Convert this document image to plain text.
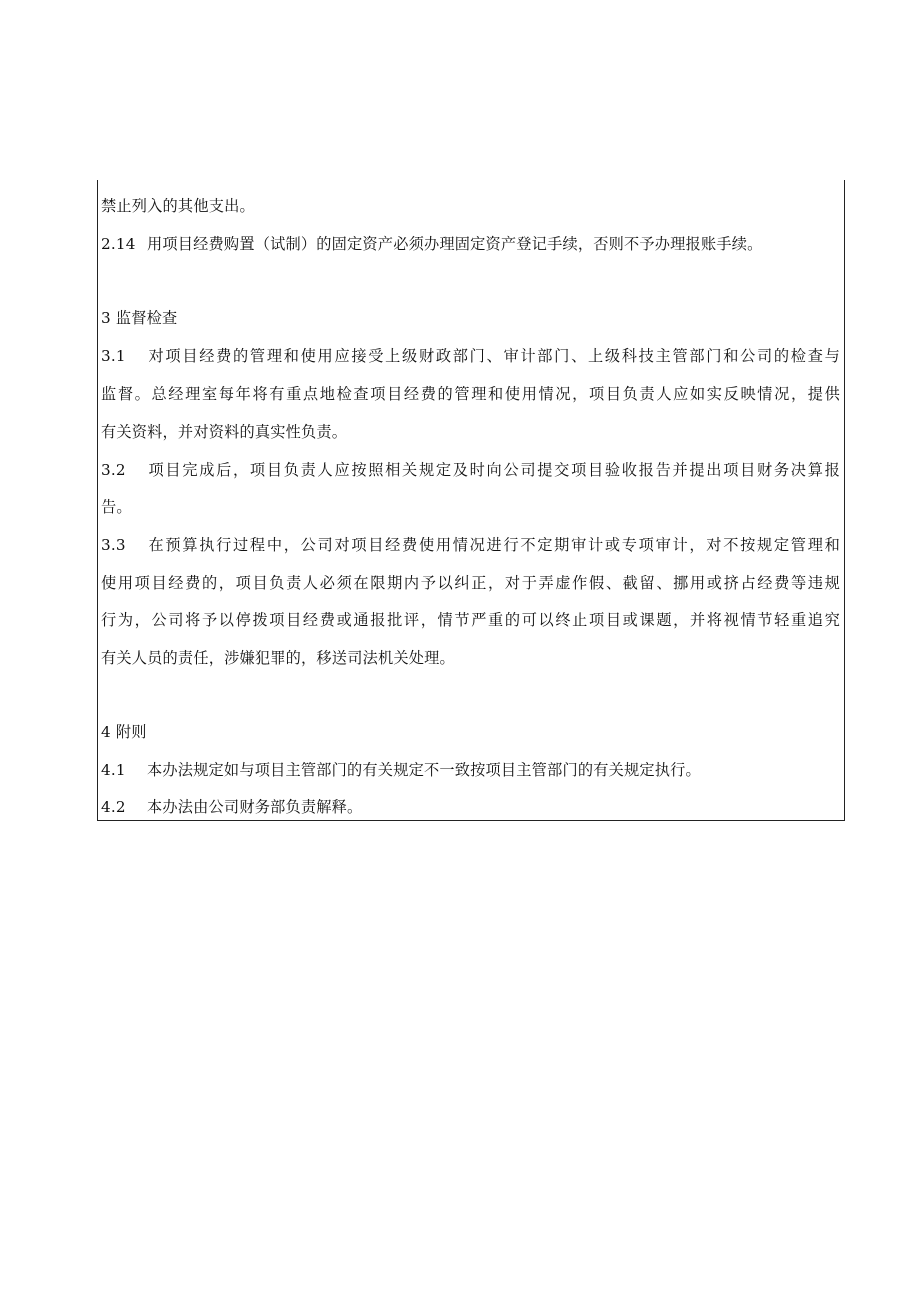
禁止列入的其他支出。
2.14 用项目经费购置（试制）的固定资产必须办理固定资产登记手续，否则不予办理报账手续。
3 监督检查
3.1 对项目经费的管理和使用应接受上级财政部门、审计部门、上级科技主管部门和公司的检查与
监督。总经理室每年将有重点地检查项目经费的管理和使用情况，项目负责人应如实反映情况，提供
有关资料，并对资料的真实性负责。
3.2 项目完成后，项目负责人应按照相关规定及时向公司提交项目验收报告并提出项目财务决算报
告。
3.3 在预算执行过程中，公司对项目经费使用情况进行不定期审计或专项审计，对不按规定管理和
使用项目经费的，项目负责人必须在限期内予以纠正，对于弄虚作假、截留、挪用或挤占经费等违规
行为，公司将予以停拨项目经费或通报批评，情节严重的可以终止项目或课题，并将视情节轻重追究
有关人员的责任，涉嫌犯罪的，移送司法机关处理。
4 附则
4.1 本办法规定如与项目主管部门的有关规定不一致按项目主管部门的有关规定执行。
4.2 本办法由公司财务部负责解释。
